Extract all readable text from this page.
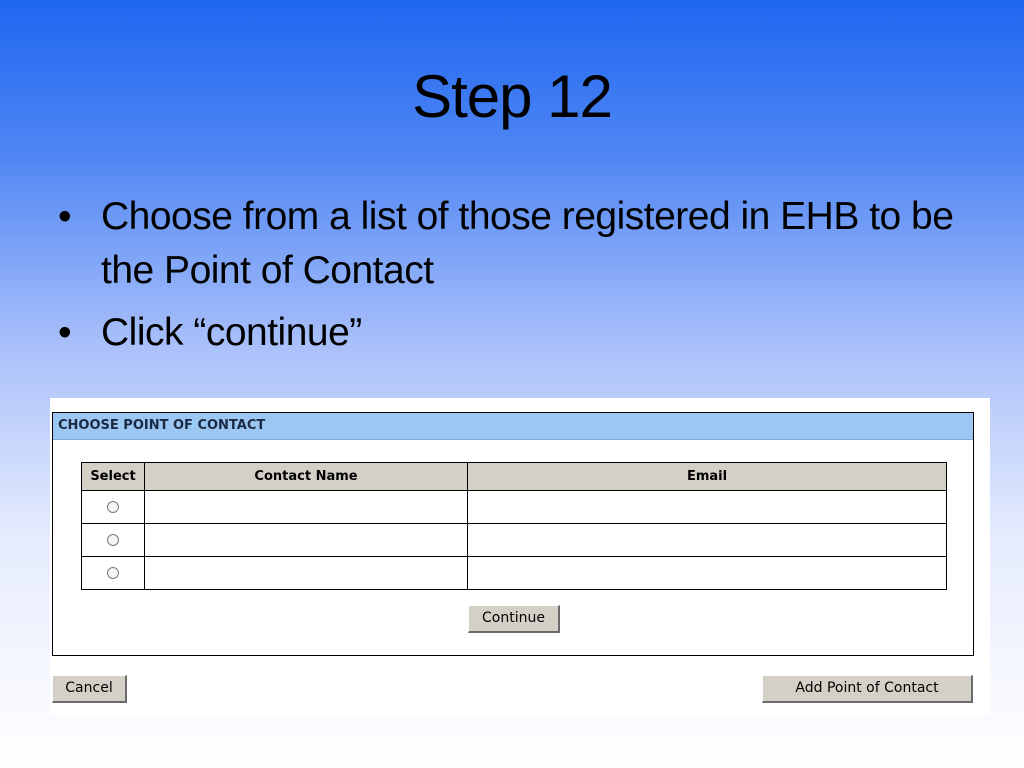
Step 12
• Choose from a list of those registered in EHB to be the Point of Contact
• Click “continue”
CHOOSE POINT OF CONTACT
Select	Contact Name	Email

Continue
Cancel	Add Point of Contact
